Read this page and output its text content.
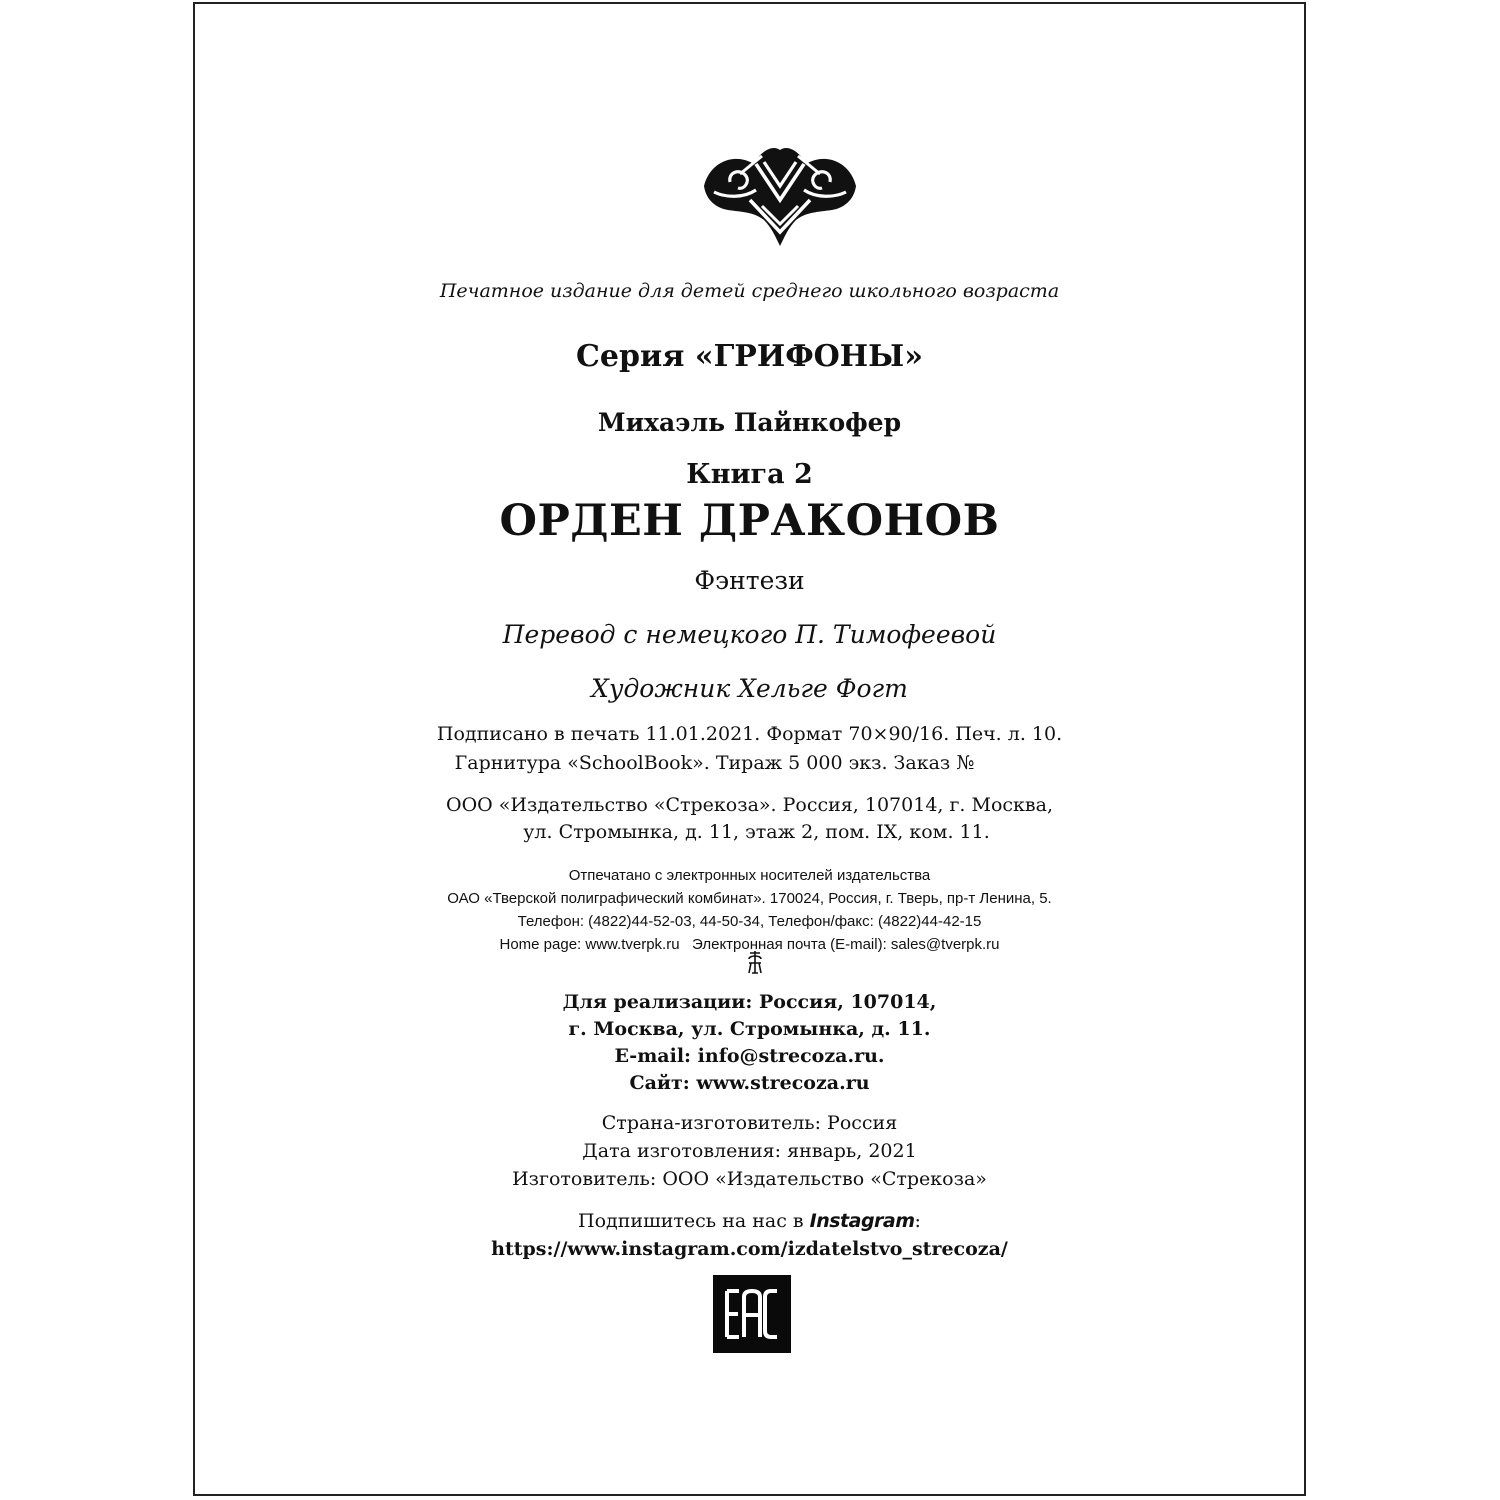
Печатное издание для детей среднего школьного возраста
Серия «ГРИФОНЫ»
Михаэль Пайнкофер
Книга 2
ОРДЕН ДРАКОНОВ
Фэнтези
Перевод с немецкого П. Тимофеевой
Художник Хельге Фогт
Подписано в печать 11.01.2021. Формат 70×90/16. Печ. л. 10.
Гарнитура «SchoolBook». Тираж 5 000 экз. Заказ №
ООО «Издательство «Стрекоза». Россия, 107014, г. Москва,
ул. Стромынка, д. 11, этаж 2, пом. IX, ком. 11.
Отпечатано с электронных носителей издательства
ОАО «Тверской полиграфический комбинат». 170024, Россия, г. Тверь, пр-т Ленина, 5.
Телефон: (4822)44-52-03, 44-50-34, Телефон/факс: (4822)44-42-15
Home page: www.tverpk.ru   Электронная почта (E-mail): sales@tverpk.ru
Для реализации: Россия, 107014,
г. Москва, ул. Стромынка, д. 11.
E-mail: info@strecoza.ru.
Сайт: www.strecoza.ru
Страна-изготовитель: Россия
Дата изготовления: январь, 2021
Изготовитель: ООО «Издательство «Стрекоза»
Подпишитесь на нас в Instagram:
https://www.instagram.com/izdatelstvo_strecoza/
